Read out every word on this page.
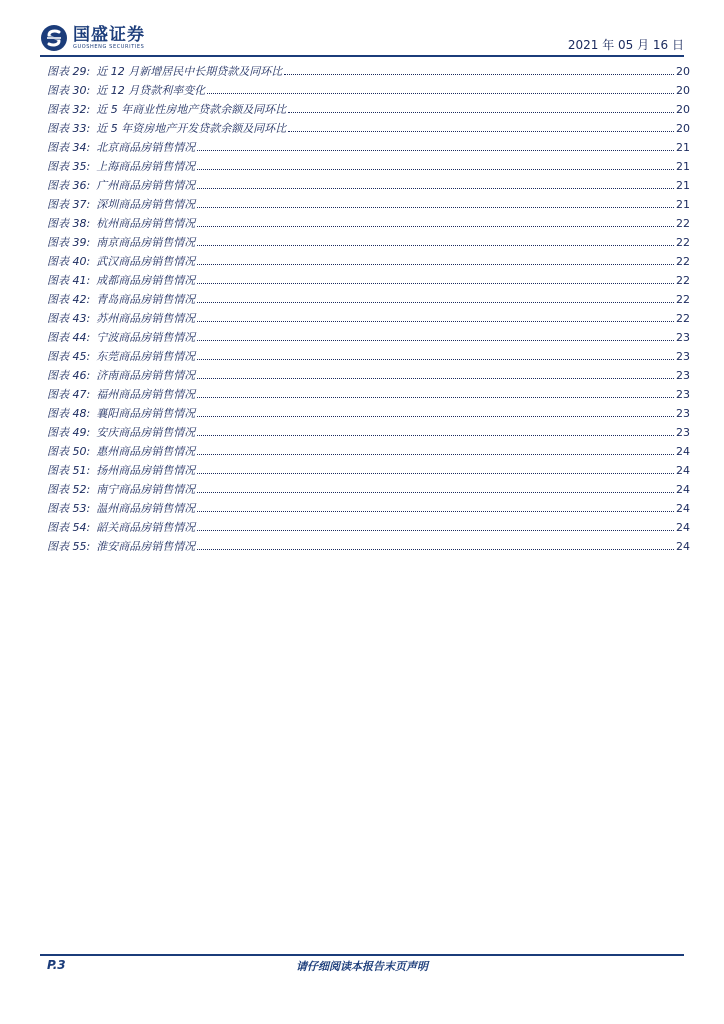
国盛证券
GUOSHENG SECURITIES	2021 年 05 月 16 日
图表 29: 近 12 月新增居民中长期贷款及同环比	20
图表 30: 近 12 月贷款利率变化	20
图表 32: 近 5 年商业性房地产贷款余额及同环比	20
图表 33: 近 5 年资房地产开发贷款余额及同环比	20
图表 34: 北京商品房销售情况	21
图表 35: 上海商品房销售情况	21
图表 36: 广州商品房销售情况	21
图表 37: 深圳商品房销售情况	21
图表 38: 杭州商品房销售情况	22
图表 39: 南京商品房销售情况	22
图表 40: 武汉商品房销售情况	22
图表 41: 成都商品房销售情况	22
图表 42: 青岛商品房销售情况	22
图表 43: 苏州商品房销售情况	22
图表 44: 宁波商品房销售情况	23
图表 45: 东莞商品房销售情况	23
图表 46: 济南商品房销售情况	23
图表 47: 福州商品房销售情况	23
图表 48: 襄阳商品房销售情况	23
图表 49: 安庆商品房销售情况	23
图表 50: 惠州商品房销售情况	24
图表 51: 扬州商品房销售情况	24
图表 52: 南宁商品房销售情况	24
图表 53: 温州商品房销售情况	24
图表 54: 韶关商品房销售情况	24
图表 55: 淮安商品房销售情况	24
P.3	请仔细阅读本报告末页声明
